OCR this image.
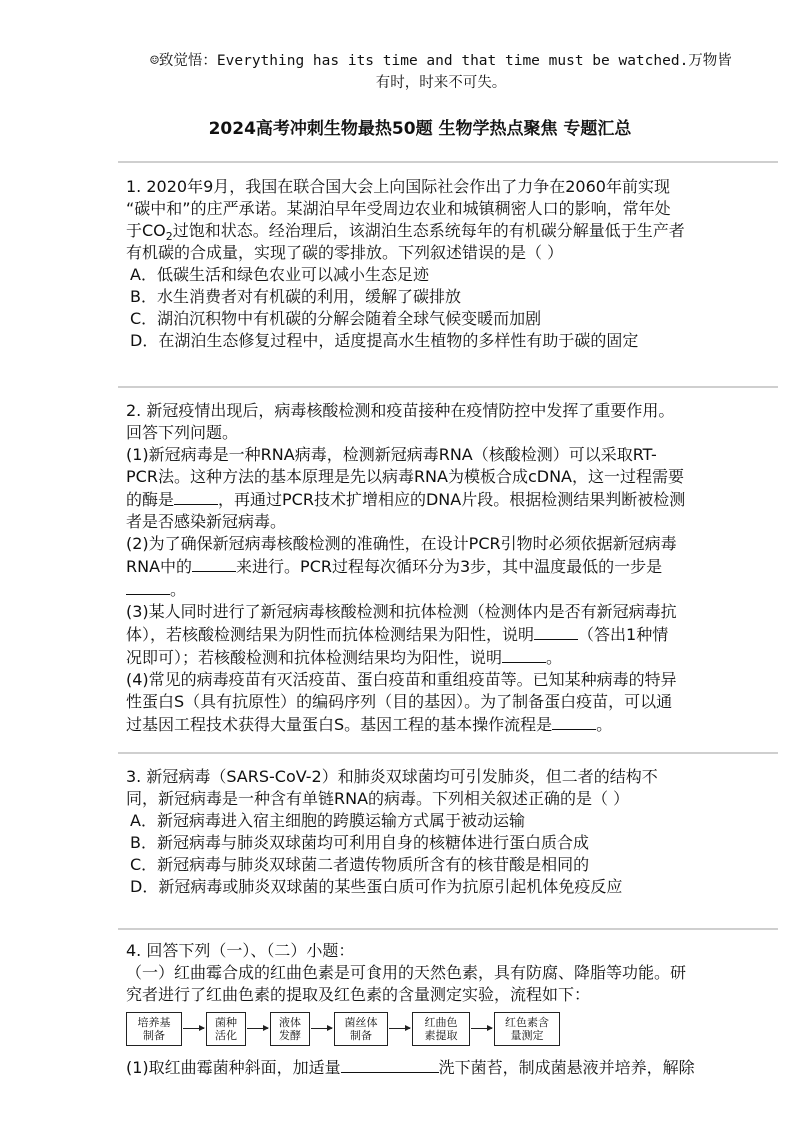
☺致觉悟：Everything has its time and that time must be watched.万物皆
有时，时来不可失。
2024高考冲刺生物最热50题 生物学热点聚焦 专题汇总

1. 2020年9月，我国在联合国大会上向国际社会作出了力争在2060年前实现

“碳中和”的庄严承诺。某湖泊早年受周边农业和城镇稠密人口的影响，常年处

于$CO_2$过饱和状态。经治理后，该湖泊生态系统每年的有机碳分解量低于生产者

有机碳的合成量，实现了碳的零排放。下列叙述错误的是（ ）

A．低碳生活和绿色农业可以减小生态足迹

B．水生消费者对有机碳的利用，缓解了碳排放

C．湖泊沉积物中有机碳的分解会随着全球气候变暖而加剧

D．在湖泊生态修复过程中，适度提高水生植物的多样性有助于碳的固定

2. 新冠疫情出现后，病毒核酸检测和疫苗接种在疫情防控中发挥了重要作用。

回答下列问题。

(1)新冠病毒是一种RNA病毒，检测新冠病毒RNA（核酸检测）可以采取RT-

PCR法。这种方法的基本原理是先以病毒RNA为模板合成cDNA，这一过程需要

的酶是	，再通过PCR技术扩增相应的DNA片段。根据检测结果判断被检测

者是否感染新冠病毒。

(2)为了确保新冠病毒核酸检测的准确性，在设计PCR引物时必须依据新冠病毒

RNA中的	来进行。PCR过程每次循环分为3步，其中温度最低的一步是

。

(3)某人同时进行了新冠病毒核酸检测和抗体检测（检测体内是否有新冠病毒抗

体），若核酸检测结果为阴性而抗体检测结果为阳性，说明	（答出1种情

况即可）；若核酸检测和抗体检测结果均为阳性，说明	。

(4)常见的病毒疫苗有灭活疫苗、蛋白疫苗和重组疫苗等。已知某种病毒的特异

性蛋白S（具有抗原性）的编码序列（目的基因）。为了制备蛋白疫苗，可以通

过基因工程技术获得大量蛋白S。基因工程的基本操作流程是	。

3. 新冠病毒（SARS-CoV-2）和肺炎双球菌均可引发肺炎，但二者的结构不

同，新冠病毒是一种含有单链RNA的病毒。下列相关叙述正确的是（ ）

A．新冠病毒进入宿主细胞的跨膜运输方式属于被动运输

B．新冠病毒与肺炎双球菌均可利用自身的核糖体进行蛋白质合成

C．新冠病毒与肺炎双球菌二者遗传物质所含有的核苷酸是相同的

D．新冠病毒或肺炎双球菌的某些蛋白质可作为抗原引起机体免疫反应

4. 回答下列（一）、（二）小题：

（一）红曲霉合成的红曲色素是可食用的天然色素，具有防腐、降脂等功能。研

究者进行了红曲色素的提取及红色素的含量测定实验，流程如下：

培养基
制备
菌种
活化
液体
发酵
菌丝体
制备
红曲色
素提取
红色素含
量测定

(1)取红曲霉菌种斜面，加适量	洗下菌苔，制成菌悬液并培养，解除
